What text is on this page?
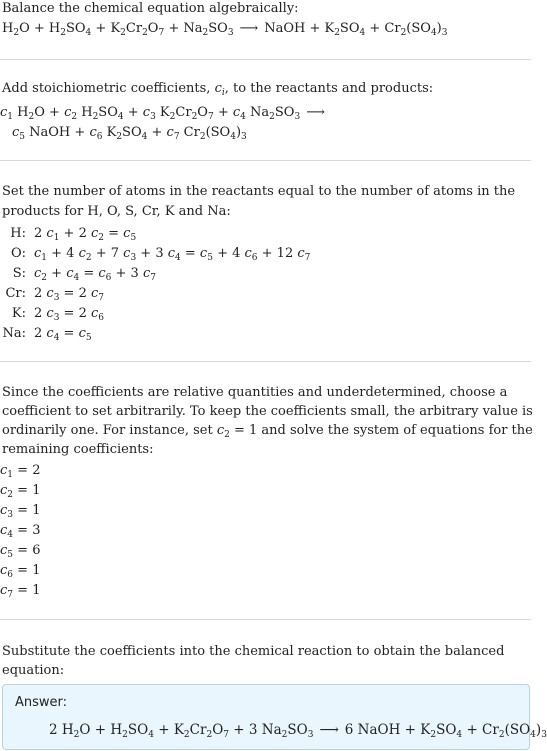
Balance the chemical equation algebraically:
$H_2O + H_2SO_4 + K_2Cr_2O_7 + Na_2SO_3$ ⟶ NaOH + $K_2SO_4 + Cr_2(SO_4)_3$
Add stoichiometric coefficients, $c_i$, to the reactants and products:
$c_1$ $H_2O + c_2$ $H_2SO_4 + c_3$ $K_2Cr_2O_7 + c_4$ $Na_2SO_3$ ⟶
$c_5$ NaOH + $c_6$ $K_2SO_4 + c_7$ $Cr_2(SO_4)_3$
Set the number of atoms in the reactants equal to the number of atoms in the
products for H, O, S, Cr, K and Na:
H: 2 $c_1 + 2$ $c_2 = c_5$
O: $c_1 + 4$ $c_2 + 7$ $c_3 + 3$ $c_4 = c_5 + 4$ $c_6 + 12$ $c_7$
S: $c_2 + c_4 = c_6 + 3$ $c_7$
Cr: 2 $c_3 = 2$ $c_7$
K: 2 $c_3 = 2$ $c_6$
Na: 2 $c_4 = c_5$
Since the coefficients are relative quantities and underdetermined, choose a
coefficient to set arbitrarily. To keep the coefficients small, the arbitrary value is
ordinarily one. For instance, set $c_2 = 1$ and solve the system of equations for the
remaining coefficients:
$c_1 = 2$
$c_2 = 1$
$c_3 = 1$
$c_4 = 3$
$c_5 = 6$
$c_6 = 1$
$c_7 = 1$
Substitute the coefficients into the chemical reaction to obtain the balanced
equation:
Answer:
2 $H_2O + H_2SO_4 + K_2Cr_2O_7 + 3$ $Na_2SO_3$ ⟶ 6 NaOH + $K_2SO_4 + Cr_2(SO_4)_3$
